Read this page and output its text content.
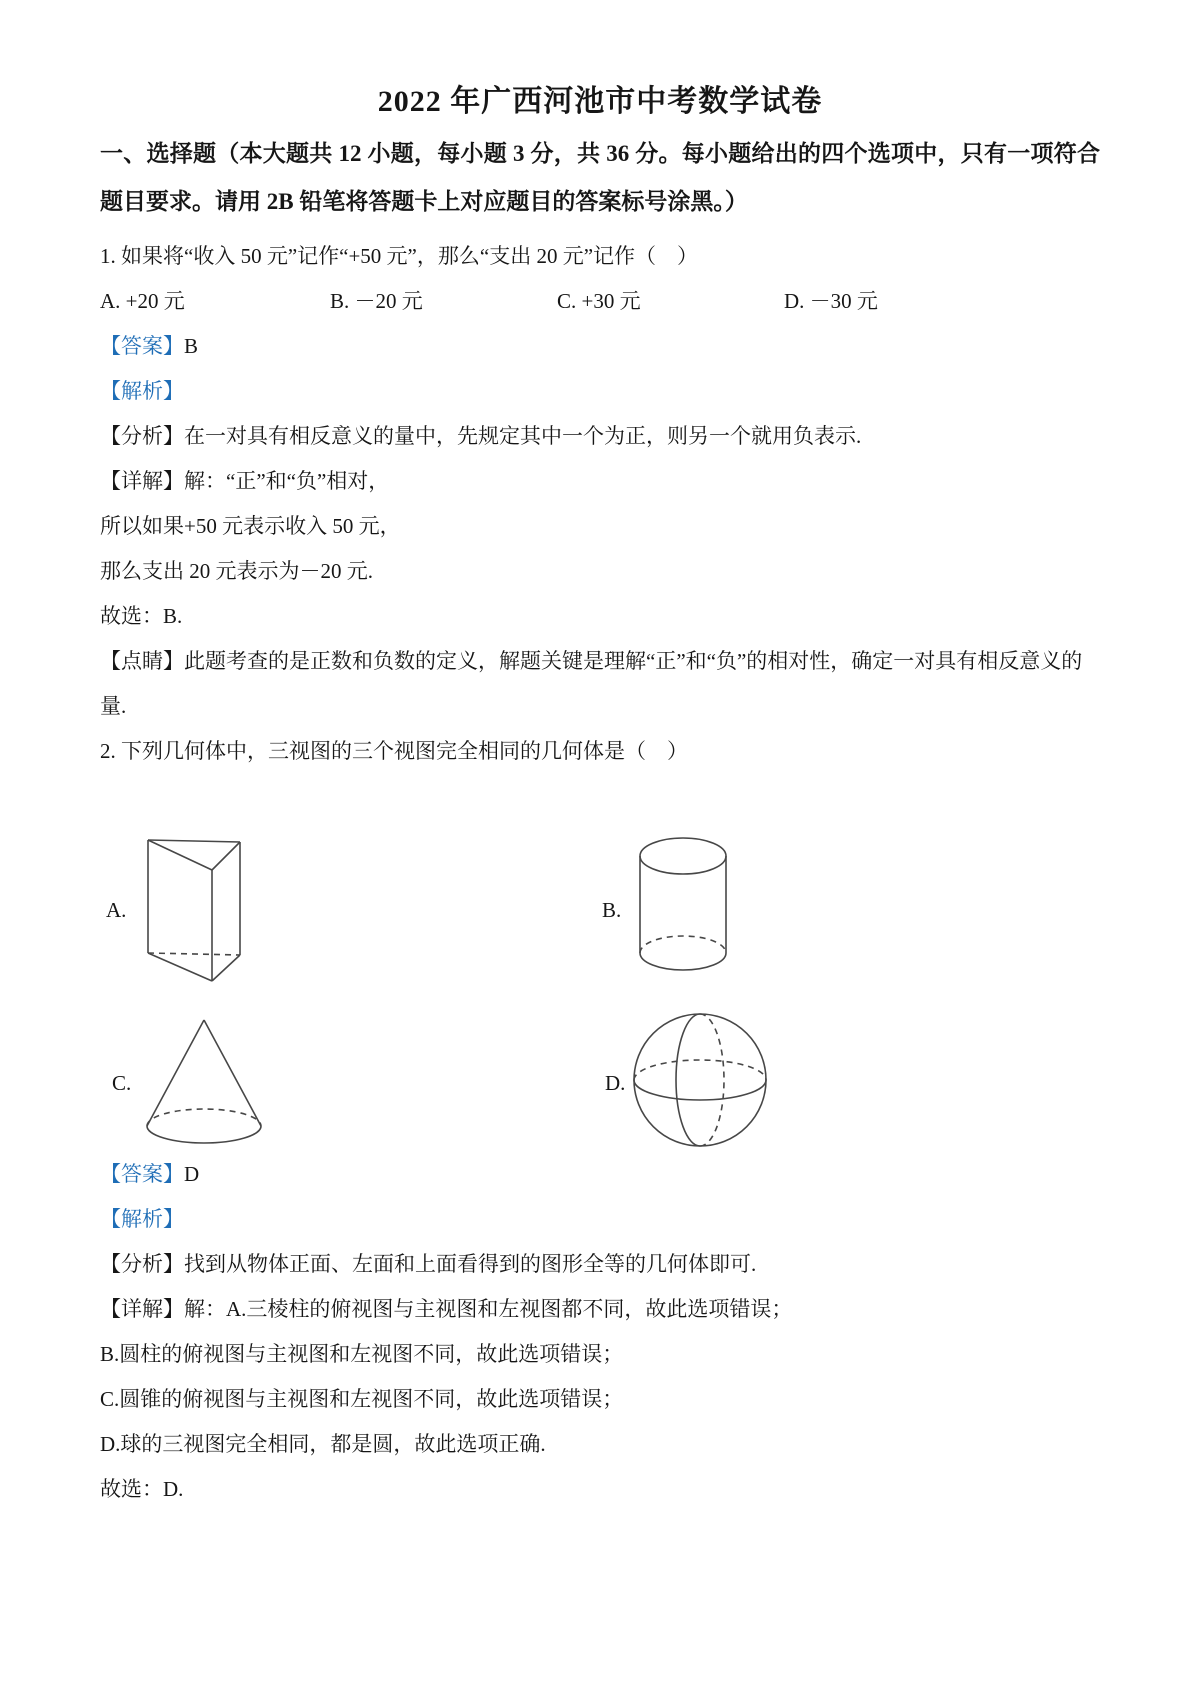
2022 年广西河池市中考数学试卷

一、选择题（本大题共 12 小题，每小题 3 分，共 36 分。每小题给出的四个选项中，只有一项符合题目要求。请用 2B 铅笔将答题卡上对应题目的答案标号涂黑。）

1. 如果将“收入 50 元”记作“+50 元”，那么“支出 20 元”记作（　）

A. +20 元	B. －20 元	C. +30 元	D. －30 元

【答案】B

【解析】

【分析】在一对具有相反意义的量中，先规定其中一个为正，则另一个就用负表示.

【详解】解：“正”和“负”相对，

所以如果+50 元表示收入 50 元，

那么支出 20 元表示为－20 元.

故选：B.

【点睛】此题考查的是正数和负数的定义，解题关键是理解“正”和“负”的相对性，确定一对具有相反意义的量.

2. 下列几何体中，三视图的三个视图完全相同的几何体是（　）

A.	B.
C.	D.

【答案】D

【解析】

【分析】找到从物体正面、左面和上面看得到的图形全等的几何体即可.

【详解】解：A.三棱柱的俯视图与主视图和左视图都不同，故此选项错误；

B.圆柱的俯视图与主视图和左视图不同，故此选项错误；

C.圆锥的俯视图与主视图和左视图不同，故此选项错误；

D.球的三视图完全相同，都是圆，故此选项正确.

故选：D.
